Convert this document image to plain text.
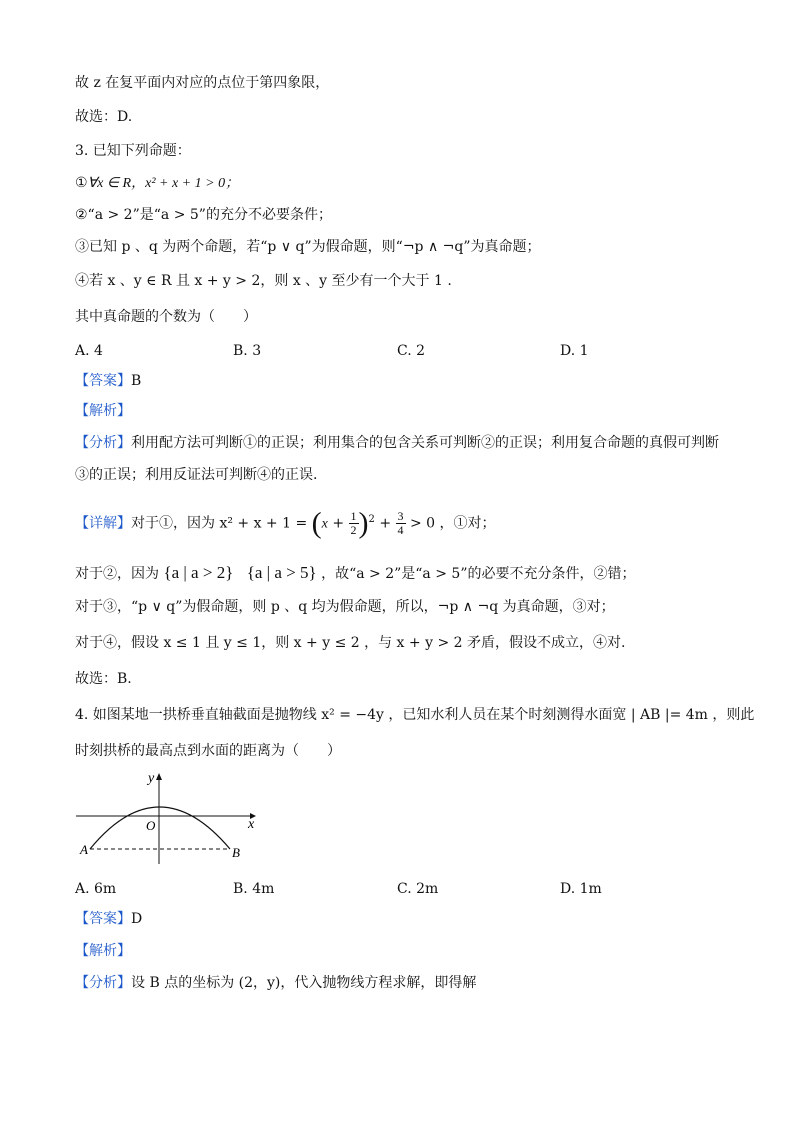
故 z 在复平面内对应的点位于第四象限，
故选：D.
3. 已知下列命题：
①∀x ∈ R，x² + x + 1 > 0；
②“a > 2”是“a > 5”的充分不必要条件；
③已知 p 、q 为两个命题，若“p ∨ q”为假命题，则“¬p ∧ ¬q”为真命题；
④若 x 、y ∈ R 且 x + y > 2，则 x 、y 至少有一个大于 1 .
其中真命题的个数为（　　）
A. 4	B. 3	C. 2	D. 1
【答案】B
【解析】
【分析】利用配方法可判断①的正误；利用集合的包含关系可判断②的正误；利用复合命题的真假可判断
③的正误；利用反证法可判断④的正误.
【详解】对于①，因为 $x^2 + x + 1 = (x + \frac{1}{2} )^2 + \frac{3}{4} > 0$ ，①对；
对于②，因为 {a | a > 2} {a | a > 5} ，故“a > 2”是“a > 5”的必要不充分条件，②错；
对于③，“p ∨ q”为假命题，则 p 、q 均为假命题，所以，¬p ∧ ¬q 为真命题，③对；
对于④，假设 x ≤ 1 且 y ≤ 1，则 x + y ≤ 2 ，与 x + y > 2 矛盾，假设不成立，④对.
故选：B.
4. 如图某地一拱桥垂直轴截面是抛物线 x² = −4y ，已知水利人员在某个时刻测得水面宽 | AB |= 4m ，则此
时刻拱桥的最高点到水面的距离为（　　）
y
x
O
A	B
A. 6m	B. 4m	C. 2m	D. 1m
【答案】D
【解析】
【分析】设 B 点的坐标为 (2，y)，代入抛物线方程求解，即得解
